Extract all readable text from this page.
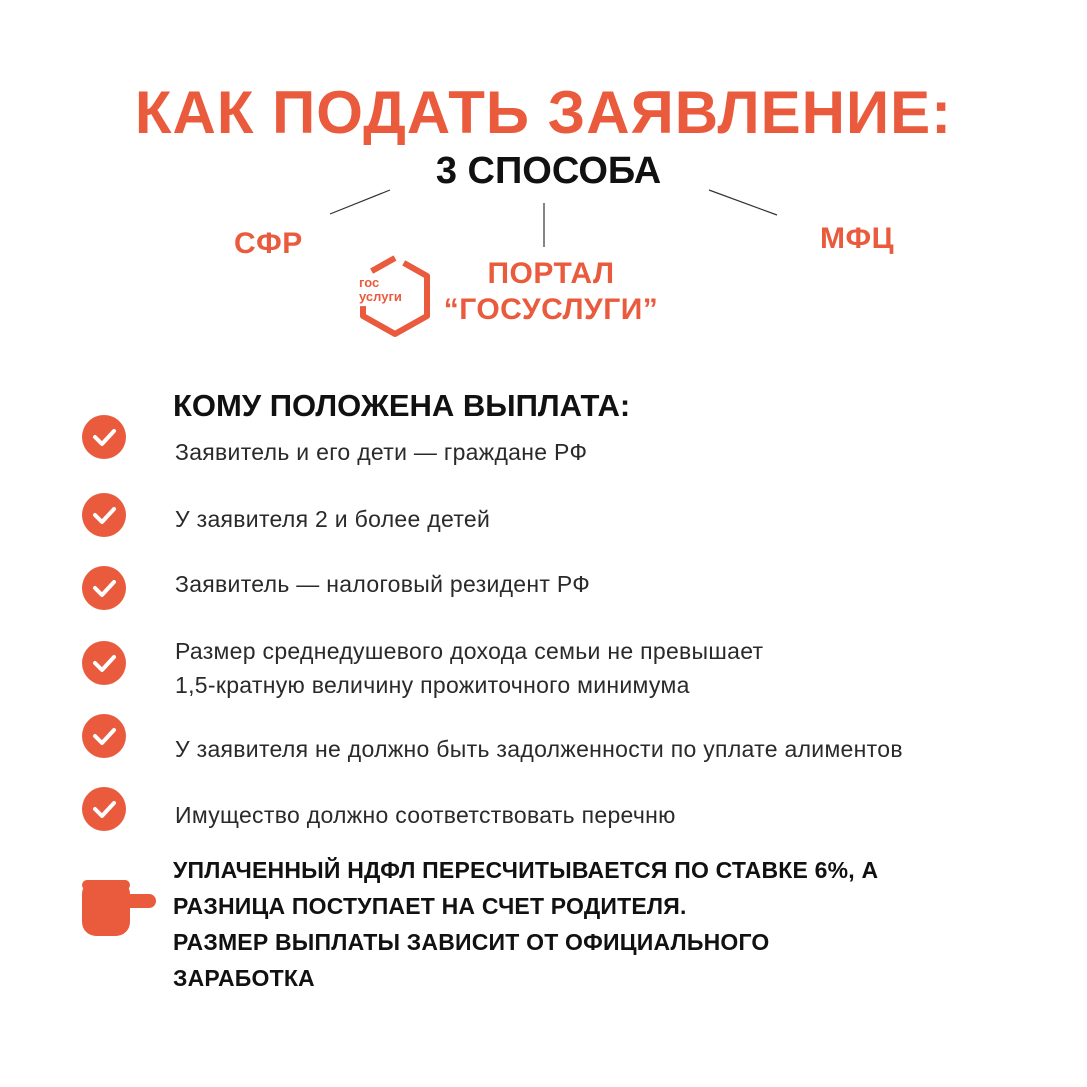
КАК ПОДАТЬ ЗАЯВЛЕНИЕ:
3 СПОСОБА
СФР	МФЦ
гос
услуги
ПОРТАЛ
“ГОСУСЛУГИ”
КОМУ ПОЛОЖЕНА ВЫПЛАТА:
Заявитель и его дети — граждане РФ
У заявителя 2 и более детей
Заявитель — налоговый резидент РФ
Размер среднедушевого дохода семьи не превышает
1,5-кратную величину прожиточного минимума
У заявителя не должно быть задолженности по уплате алиментов
Имущество должно соответствовать перечню
УПЛАЧЕННЫЙ НДФЛ ПЕРЕСЧИТЫВАЕТСЯ ПО СТАВКЕ 6%, А
РАЗНИЦА ПОСТУПАЕТ НА СЧЕТ РОДИТЕЛЯ.
РАЗМЕР ВЫПЛАТЫ ЗАВИСИТ ОТ ОФИЦИАЛЬНОГО
ЗАРАБОТКА
